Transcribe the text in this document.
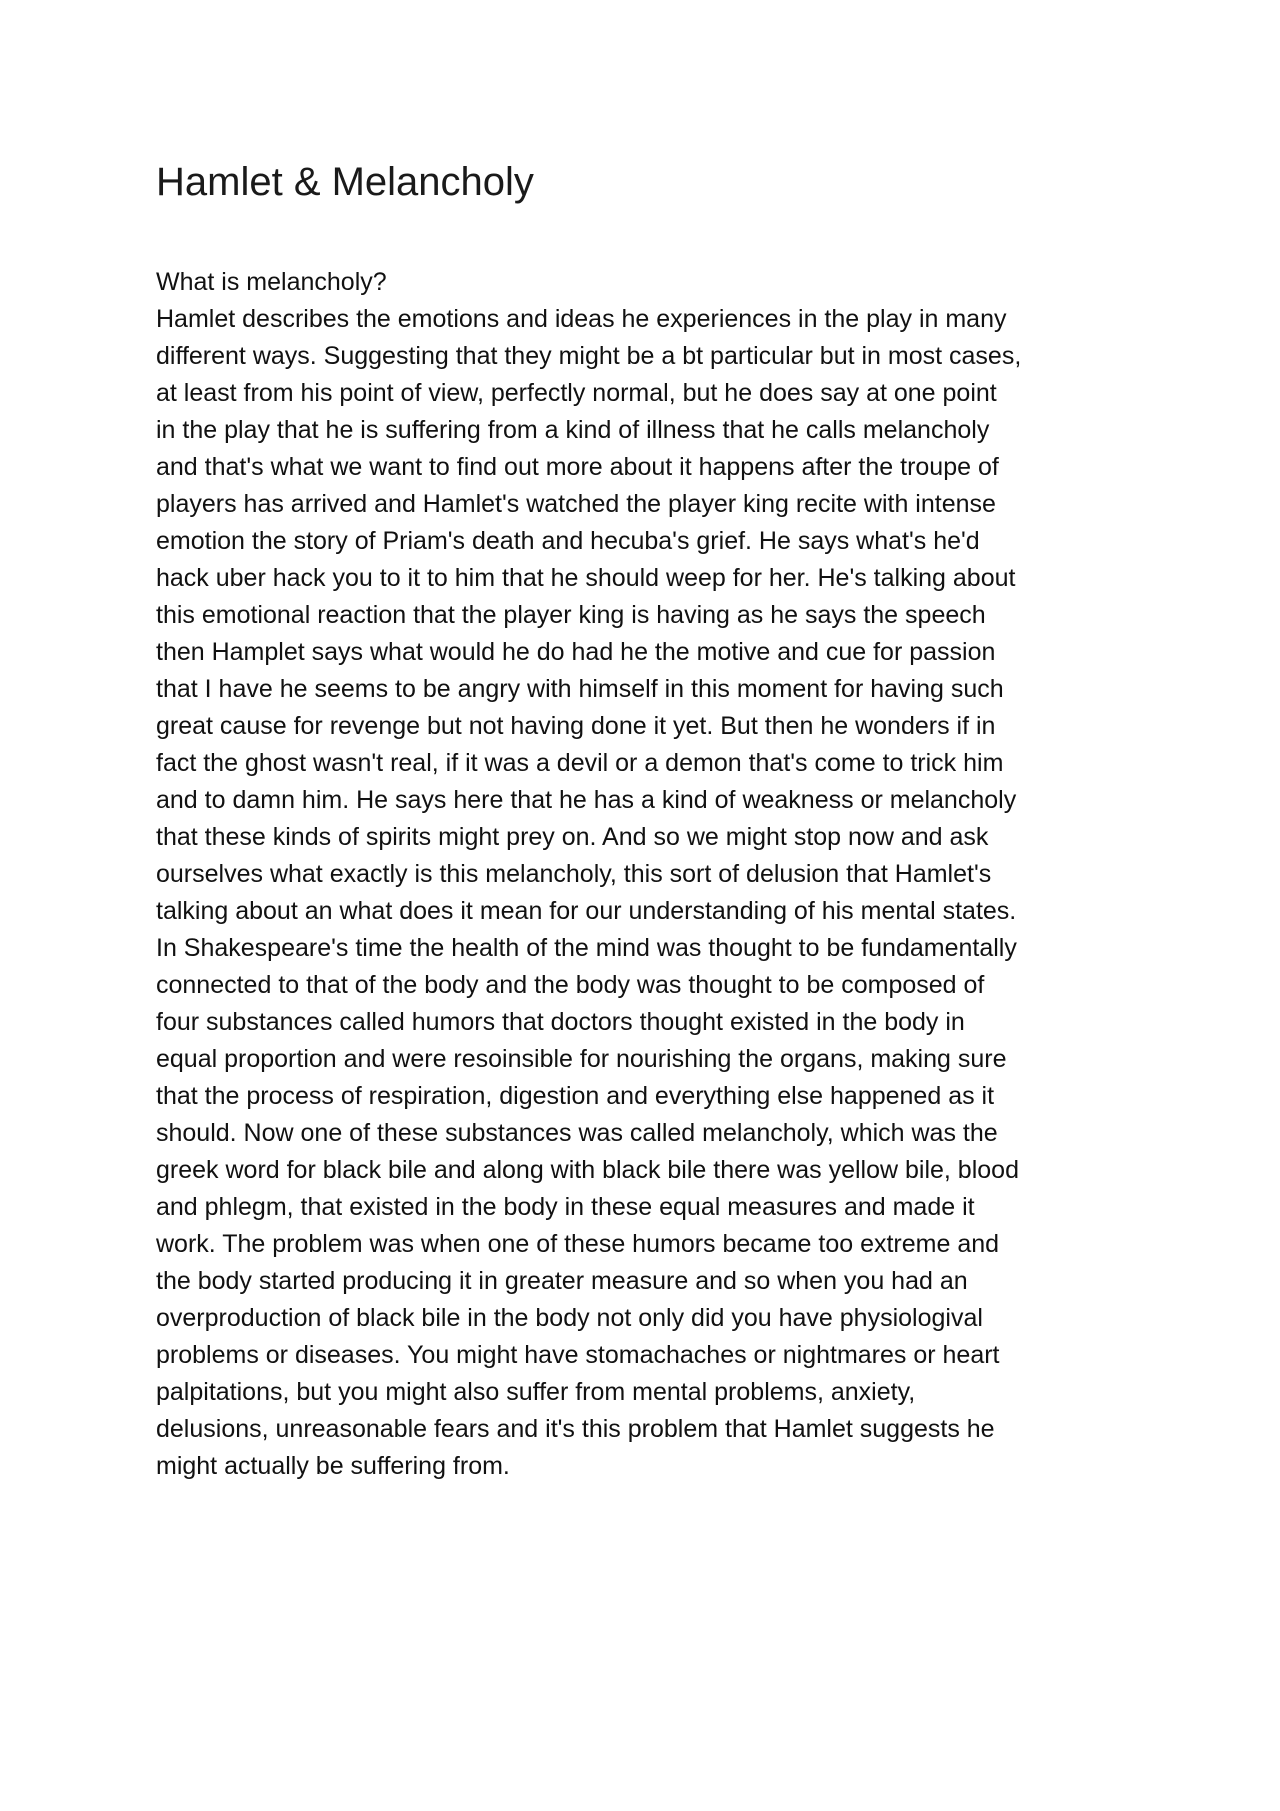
Hamlet & Melancholy
What is melancholy?
Hamlet describes the emotions and ideas he experiences in the play in many
different ways. Suggesting that they might be a bt particular but in most cases,
at least from his point of view, perfectly normal, but he does say at one point
in the play that he is suffering from a kind of illness that he calls melancholy
and that's what we want to find out more about it happens after the troupe of
players has arrived and Hamlet's watched the player king recite with intense
emotion the story of Priam's death and hecuba's grief. He says what's he'd
hack uber hack you to it to him that he should weep for her. He's talking about
this emotional reaction that the player king is having as he says the speech
then Hamplet says what would he do had he the motive and cue for passion
that I have he seems to be angry with himself in this moment for having such
great cause for revenge but not having done it yet. But then he wonders if in
fact the ghost wasn't real, if it was a devil or a demon that's come to trick him
and to damn him. He says here that he has a kind of weakness or melancholy
that these kinds of spirits might prey on. And so we might stop now and ask
ourselves what exactly is this melancholy, this sort of delusion that Hamlet's
talking about an what does it mean for our understanding of his mental states.
In Shakespeare's time the health of the mind was thought to be fundamentally
connected to that of the body and the body was thought to be composed of
four substances called humors that doctors thought existed in the body in
equal proportion and were resoinsible for nourishing the organs, making sure
that the process of respiration, digestion and everything else happened as it
should. Now one of these substances was called melancholy, which was the
greek word for black bile and along with black bile there was yellow bile, blood
and phlegm, that existed in the body in these equal measures and made it
work. The problem was when one of these humors became too extreme and
the body started producing it in greater measure and so when you had an
overproduction of black bile in the body not only did you have physiologival
problems or diseases. You might have stomachaches or nightmares or heart
palpitations, but you might also suffer from mental problems, anxiety,
delusions, unreasonable fears and it's this problem that Hamlet suggests he
might actually be suffering from.
